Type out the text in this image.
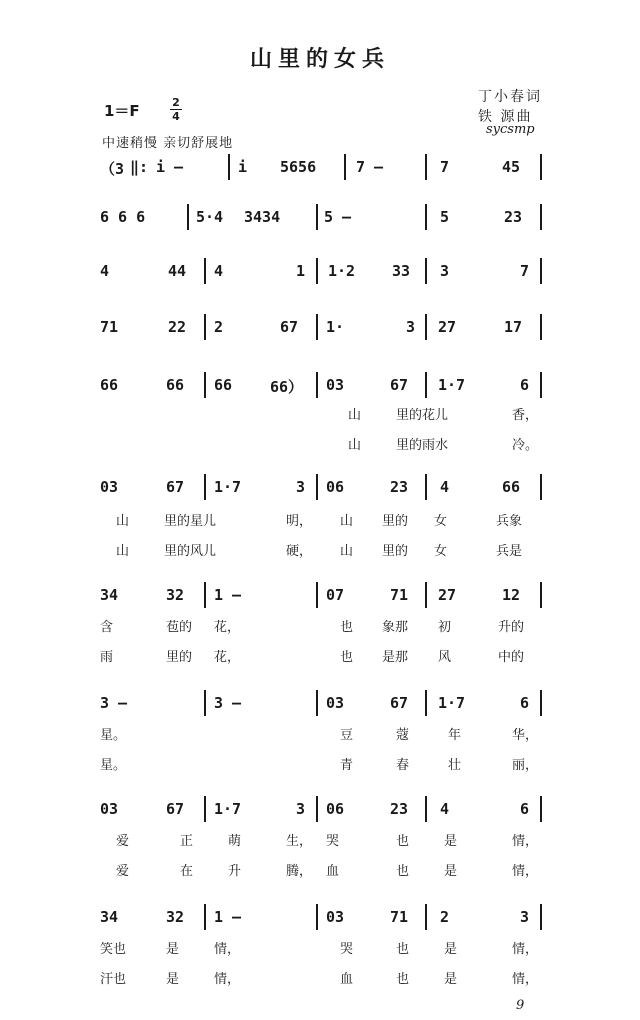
山里的女兵
丁小春词
铁 源曲
sycsmp
1＝F	2
4
中速稍慢 亲切舒展地
（3 ‖: i —	i 5656	7 —	7	45
6 6 6	5·4 3434	5 —	5	23
4	44 4	1 1·2 33 3	7
71	22 2	67 1·	3 27	17
66	66 66	66） 03	67 1·7	6
山	里的花儿	香，
山	里的雨水	冷。
03	67 1·7	3 06	23 4	66
山	里的星儿	明， 山 里的 女	兵象
山	里的风儿	硬， 山 里的 女	兵是
34	32 1 —	07	71 27	12
含	苞的 花，	也 象那 初	升的
雨	里的 花，	也 是那 风	中的
3 —	3 —	03	67 1·7	6
星。	豆	蔻	年	华，
星。	青	春	壮	丽，
03	67 1·7	3 06	23 4	6
爱	正	萌	生， 哭	也	是	情，
爱	在	升	腾， 血	也	是	情，
34	32 1 —	03	71 2	3
笑也	是	情，	哭	也	是	情，
汗也	是	情，	血	也	是	情，
9
